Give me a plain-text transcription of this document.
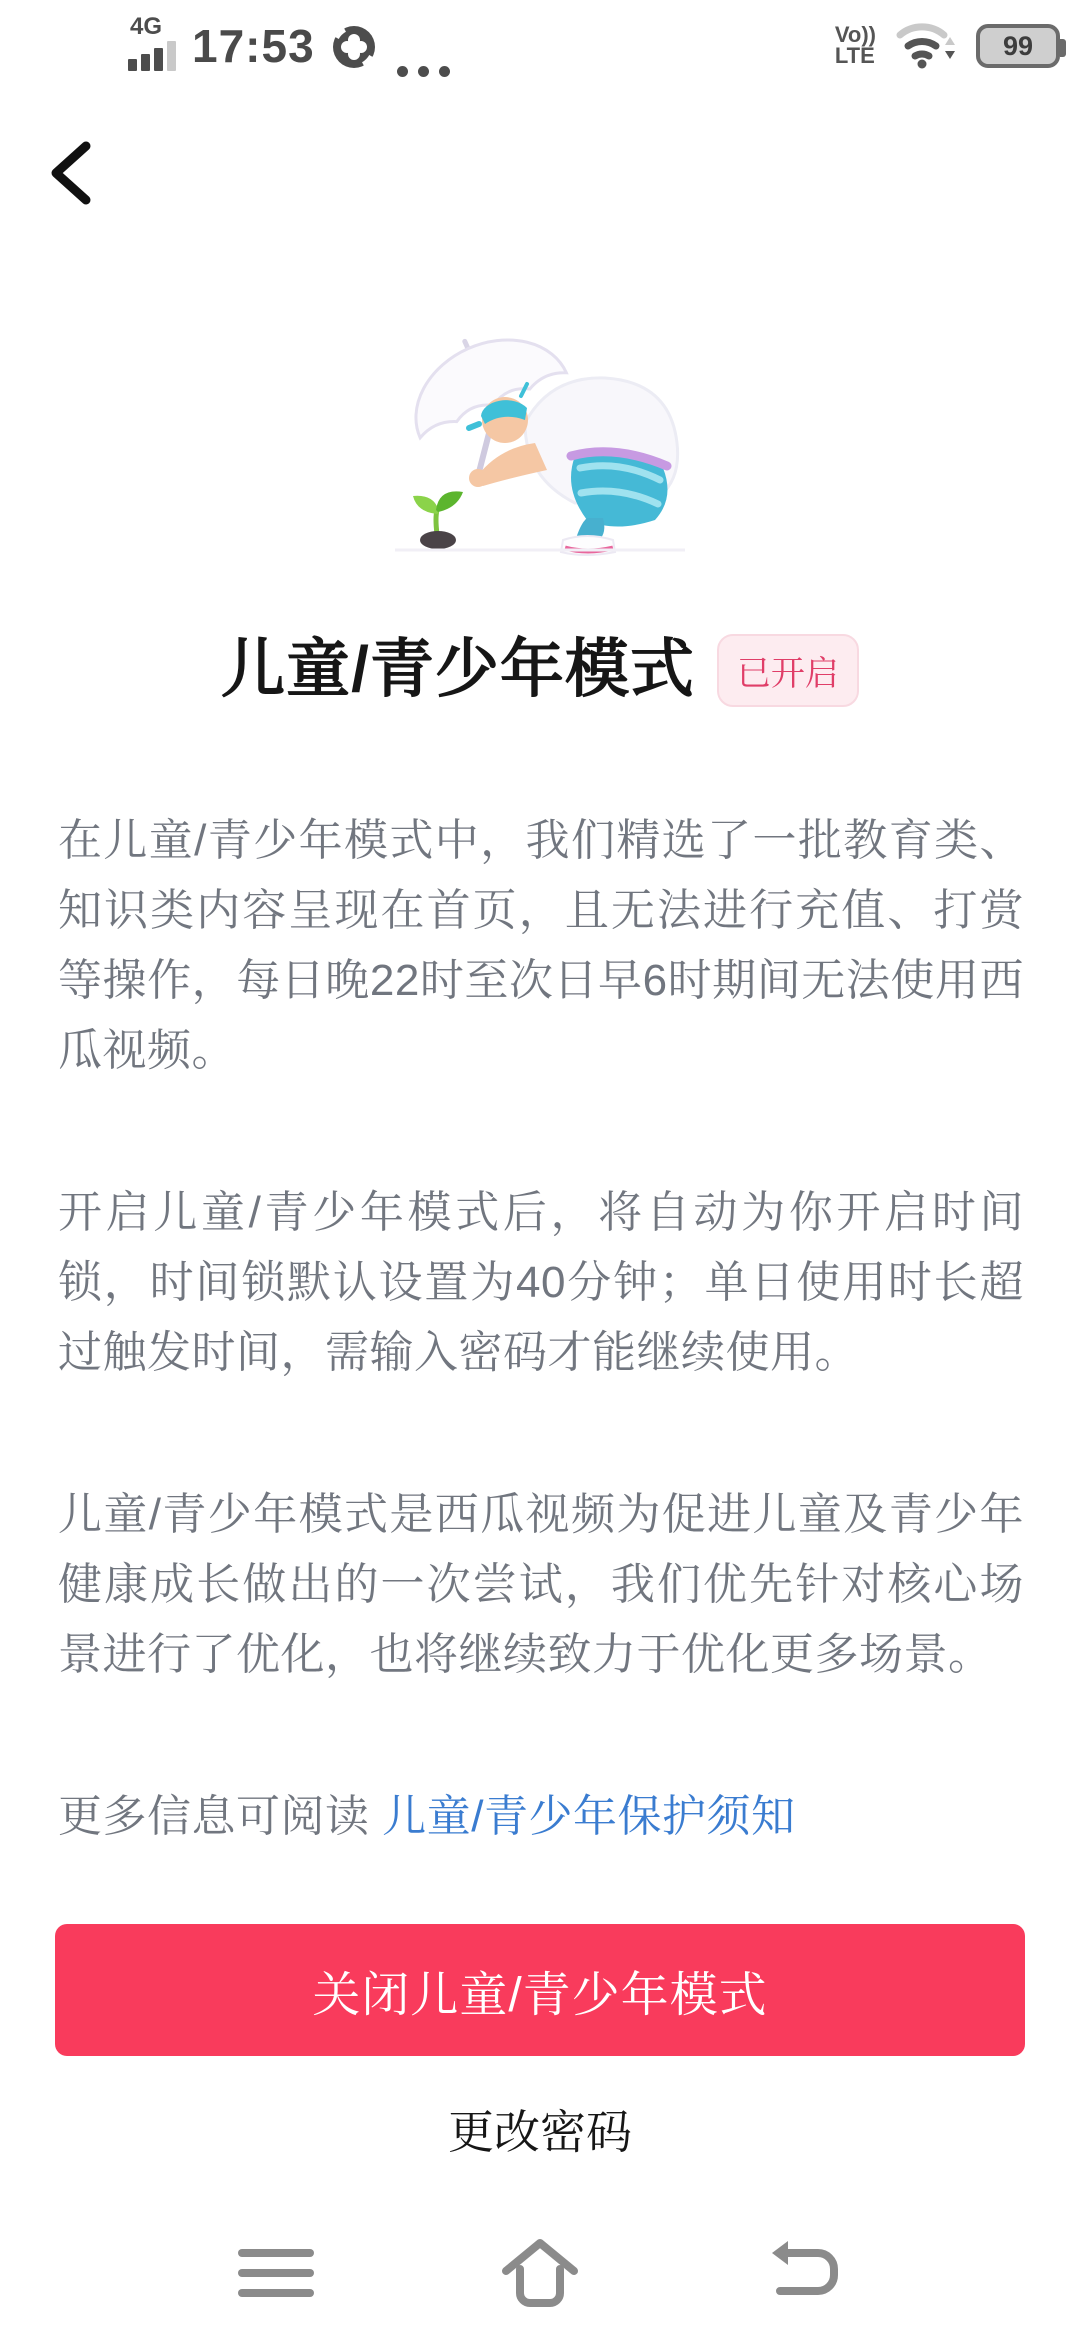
4G 17:53	Vo))
LTE	99
儿童/青少年模式	已开启

在儿童/青少年模式中，我们精选了一批教育类、知识类内容呈现在首页，且无法进行充值、打赏等操作，每日晚22时至次日早6时期间无法使用西瓜视频。

开启儿童/青少年模式后，将自动为你开启时间锁，时间锁默认设置为40分钟；单日使用时长超过触发时间，需输入密码才能继续使用。

儿童/青少年模式是西瓜视频为促进儿童及青少年健康成长做出的一次尝试，我们优先针对核心场景进行了优化，也将继续致力于优化更多场景。

更多信息可阅读 儿童/青少年保护须知

关闭儿童/青少年模式
更改密码
